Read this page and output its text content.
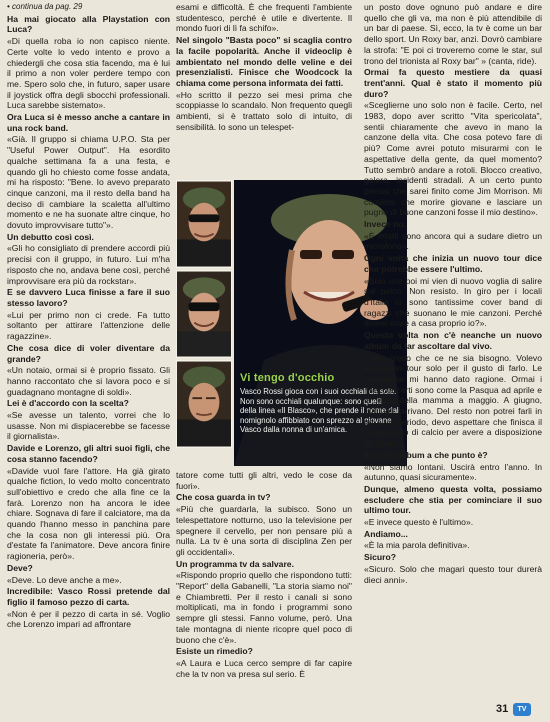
• continua da pag. 29

Ha mai giocato alla Playstation con Luca?

«Di quella roba io non capisco niente. Certe volte lo vedo intento e provo a chiedergli che cosa stia facendo, ma è lui il primo a non voler perdere tempo con me. Spero solo che, in futuro, saper usare il joystick offra degli sbocchi professionali. Luca sarebbe sistemato».

Ora Luca si è messo anche a cantare in una rock band.

«Già. Il gruppo si chiama U.P.O. Sta per "Useful Power Output". Ha esordito qualche settimana fa a una festa, e quando gli ho chiesto come fosse andata, mi ha risposto: "Bene. Io avevo preparato cinque canzoni, ma il resto della band ha deciso di cambiare la scaletta all'ultimo momento e ne ha suonate altre cinque, ho dovuto improvvisare tutto"».

Un debutto così così.

«Gli ho consigliato di prendere accordi più precisi con il gruppo, in futuro. Lui m'ha risposto che no, andava bene così, perché improvvisare era più da rockstar».

E se davvero Luca finisse a fare il suo stesso lavoro?

«Lui per primo non ci crede. Fa tutto soltanto per attirare l'attenzione delle ragazzine».

Che cosa dice di voler diventare da grande?

«Un notaio, ormai si è proprio fissato. Gli hanno raccontato che si lavora poco e si guadagnano montagne di soldi».

Lei è d'accordo con la scelta?

«Se avesse un talento, vorrei che lo usasse. Non mi dispiacerebbe se facesse il giornalista».

Davide e Lorenzo, gli altri suoi figli, che cosa stanno facendo?

«Davide vuol fare l'attore. Ha già girato qualche fiction, lo vedo molto concentrato sull'obiettivo e credo che alla fine ce la farà. Lorenzo non ha ancora le idee chiare. Sognava di fare il calciatore, ma da quando l'hanno messo in panchina pare che la cosa non gli interessi più. Ora d'estate fa l'animatore. Deve ancora finire ragioneria, però».

Deve?

«Deve. Lo deve anche a me».

Incredibile: Vasco Rossi pretende dal figlio il famoso pezzo di carta.

«Non è per il pezzo di carta in sé. Voglio che Lorenzo impari ad affrontare

esami e difficoltà. È che frequenti l'ambiente studentesco, perché è utile e divertente. Il mondo fuori di lì fa schifo».

Nel singolo "Basta poco" si scaglia contro la facile popolarità. Anche il videoclip è ambientato nel mondo delle veline e dei presenzialisti. Finisce che Woodcock la chiama come persona informata dei fatti.

«Ho scritto il pezzo sei mesi prima che scoppiasse lo scandalo. Non frequento quegli ambienti, si è trattato solo di intuito, di sensibilità. Io sono un telespet-

Vi tengo d'occhio
Vasco Rossi gioca con i suoi occhiali da sole. Non sono occhiali qualunque: sono quelli della linea «Il Blasco», che prende il nome dal nomignolo affibbiato con sprezzo al giovane Vasco dalla nonna di un'amica.

tatore come tutti gli altri, vedo le cose da fuori».

Che cosa guarda in tv?

«Più che guardarla, la subisco. Sono un telespettatore notturno, uso la televisione per spegnere il cervello, per non pensare più a nulla. La tv è una sorta di disciplina Zen per gli occidentali».

Un programma tv da salvare.

«Rispondo proprio quello che rispondono tutti: "Report" della Gabanelli, "La storia siamo noi" e Chiambretti. Per il resto i canali si sono moltiplicati, ma in fondo i programmi sono sempre gli stessi. Fanno volume, però. Una tale montagna di niente ricopre quel poco di buono che c'è».

Esiste un rimedio?

«A Laura e Luca cerco sempre di far capire che la tv non va presa sul serio. È

un posto dove ognuno può andare e dire quello che gli va, ma non è più attendibile di un bar di paese. Sì, ecco, la tv è come un bar dello sport. Un Roxy bar, anzi. Dovrò cambiare la strofa: "E poi ci troveremo come le star, sul trono del trionista al Roxy bar" » (canta, ride).

Ormai fa questo mestiere da quasi trent'anni. Qual è stato il momento più duro?

«Sceglierne uno solo non è facile. Certo, nel 1983, dopo aver scritto "Vita spericolata", sentii chiaramente che avevo in mano la canzone della vita. Che cosa potevo fare di più? Come avrei potuto misurarmi con le aspettative della gente, da quel momento? Tutto sembrò andare a rotoli. Blocco creativo, galera, incidenti stradali. A un certo punto pensai che sarei finito come Jim Morrison. Mi convinsi che morire giovane e lasciare un pugno di buone canzoni fosse il mio destino».

Invece no.

«È infatti sono ancora qui a sudare dietro un microfono».

Ogni volta che inizia un nuovo tour dice che potrebbe essere l'ultimo.

«Solo che poi mi vien di nuovo voglia di salire sul palco. Non resisto. In giro per i locali d'Italia ci sono tantissime cover band di ragazzi che suonano le mie canzoni. Perché dovrei stare a casa proprio io?».

Questa volta non c'è neanche un nuovo album da far ascoltare dal vivo.

«Non credo che ce ne sia bisogno. Volevo andare in tour solo per il gusto di farlo. Le prevendite mi hanno dato ragione. Ormai i miei concerti sono come la Pasqua ad aprile e la festa della mamma a maggio. A giugno, puntuali, arrivano. Del resto non potrei farli in un altro periodo, devo aspettare che finisca il campionato di calcio per avere a disposizione gli stadi».

Il nuovo album a che punto è?

«Non siamo lontani. Uscirà entro l'anno. In autunno, quasi sicuramente».

Dunque, almeno questa volta, possiamo escludere che stia per cominciare il suo ultimo tour.

«E invece questo è l'ultimo».

Andiamo...

«È la mia parola definitiva».

Sicuro?

«Sicuro. Solo che magari questo tour durerà dieci anni».

31	TV
